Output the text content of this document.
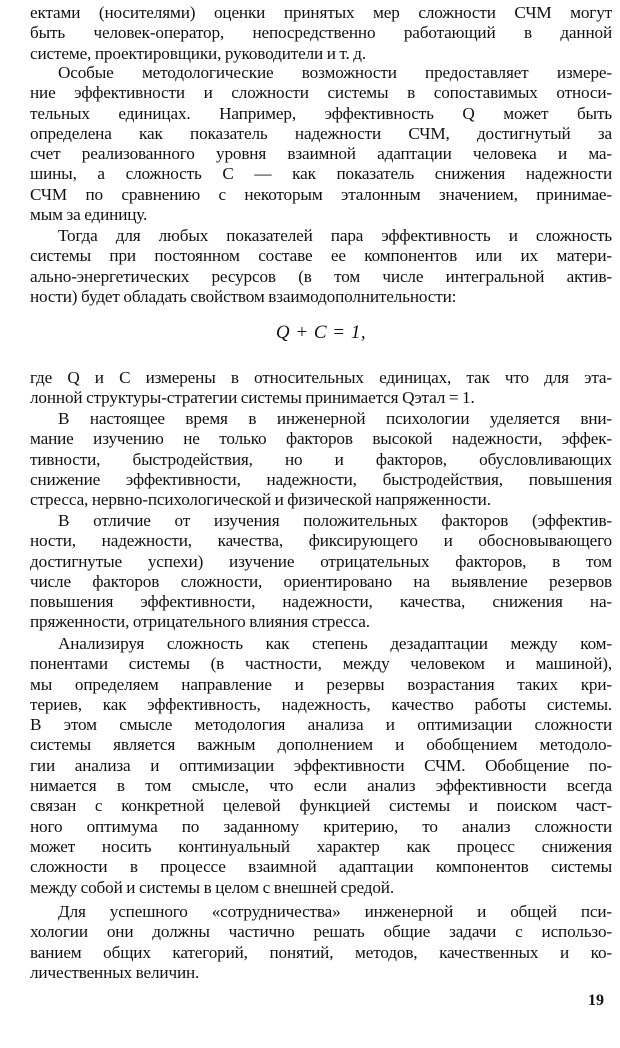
ектами (носителями) оценки принятых мер сложности СЧМ могут
быть человек-оператор, непосредственно работающий в данной
системе, проектировщики, руководители и т. д.
Особые методологические возможности предоставляет измере-
ние эффективности и сложности системы в сопоставимых относи-
тельных единицах. Например, эффективность Q может быть
определена как показатель надежности СЧМ, достигнутый за
счет реализованного уровня взаимной адаптации человека и ма-
шины, а сложность C — как показатель снижения надежности
СЧМ по сравнению с некоторым эталонным значением, принимае-
мым за единицу.
Тогда для любых показателей пара эффективность и сложность
системы при постоянном составе ее компонентов или их матери-
ально-энергетических ресурсов (в том числе интегральной актив-
ности) будет обладать свойством взаимодополнительности:
Q + C = 1,
где Q и C измерены в относительных единицах, так что для эта-
лонной структуры-стратегии системы принимается Qэтал = 1.
В настоящее время в инженерной психологии уделяется вни-
мание изучению не только факторов высокой надежности, эффек-
тивности, быстродействия, но и факторов, обусловливающих
снижение эффективности, надежности, быстродействия, повышения
стресса, нервно-психологической и физической напряженности.
В отличие от изучения положительных факторов (эффектив-
ности, надежности, качества, фиксирующего и обосновывающего
достигнутые успехи) изучение отрицательных факторов, в том
числе факторов сложности, ориентировано на выявление резервов
повышения эффективности, надежности, качества, снижения на-
пряженности, отрицательного влияния стресса.
Анализируя сложность как степень дезадаптации между ком-
понентами системы (в частности, между человеком и машиной),
мы определяем направление и резервы возрастания таких кри-
териев, как эффективность, надежность, качество работы системы.
В этом смысле методология анализа и оптимизации сложности
системы является важным дополнением и обобщением методоло-
гии анализа и оптимизации эффективности СЧМ. Обобщение по-
нимается в том смысле, что если анализ эффективности всегда
связан с конкретной целевой функцией системы и поиском част-
ного оптимума по заданному критерию, то анализ сложности
может носить континуальный характер как процесс снижения
сложности в процессе взаимной адаптации компонентов системы
между собой и системы в целом с внешней средой.
Для успешного «сотрудничества» инженерной и общей пси-
хологии они должны частично решать общие задачи с использо-
ванием общих категорий, понятий, методов, качественных и ко-
личественных величин.
19
